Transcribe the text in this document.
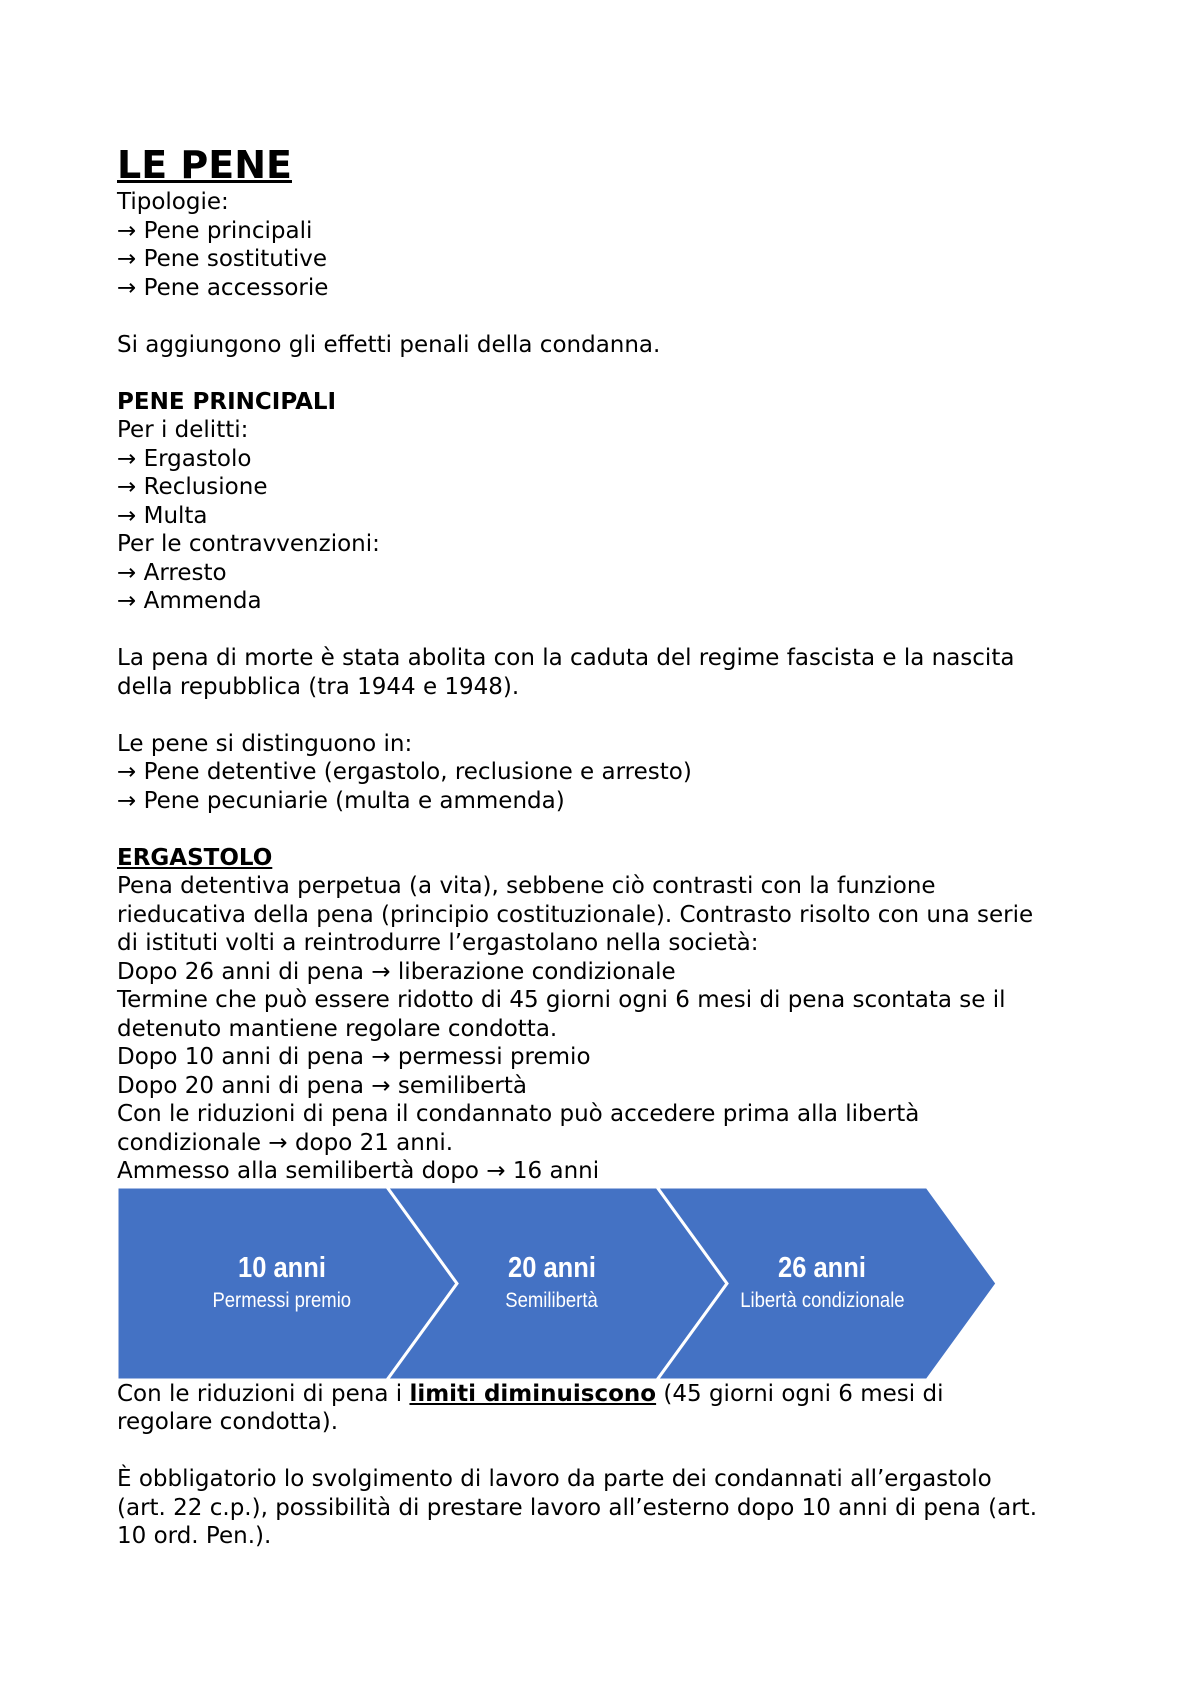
LE PENE
Tipologie:
→ Pene principali
→ Pene sostitutive
→ Pene accessorie
Si aggiungono gli effetti penali della condanna.
PENE PRINCIPALI
Per i delitti:
→ Ergastolo
→ Reclusione
→ Multa
Per le contravvenzioni:
→ Arresto
→ Ammenda
La pena di morte è stata abolita con la caduta del regime fascista e la nascita
della repubblica (tra 1944 e 1948).
Le pene si distinguono in:
→ Pene detentive (ergastolo, reclusione e arresto)
→ Pene pecuniarie (multa e ammenda)
ERGASTOLO
Pena detentiva perpetua (a vita), sebbene ciò contrasti con la funzione
rieducativa della pena (principio costituzionale). Contrasto risolto con una serie
di istituti volti a reintrodurre l’ergastolano nella società:
Dopo 26 anni di pena → liberazione condizionale
Termine che può essere ridotto di 45 giorni ogni 6 mesi di pena scontata se il
detenuto mantiene regolare condotta.
Dopo 10 anni di pena → permessi premio
Dopo 20 anni di pena → semilibertà
Con le riduzioni di pena il condannato può accedere prima alla libertà
condizionale → dopo 21 anni.
Ammesso alla semilibertà dopo → 16 anni
10 anni
Permessi premio
20 anni
Semilibertà
26 anni
Libertà condizionale
Con le riduzioni di pena i limiti diminuiscono (45 giorni ogni 6 mesi di
regolare condotta).
È obbligatorio lo svolgimento di lavoro da parte dei condannati all’ergastolo
(art. 22 c.p.), possibilità di prestare lavoro all’esterno dopo 10 anni di pena (art.
10 ord. Pen.).
